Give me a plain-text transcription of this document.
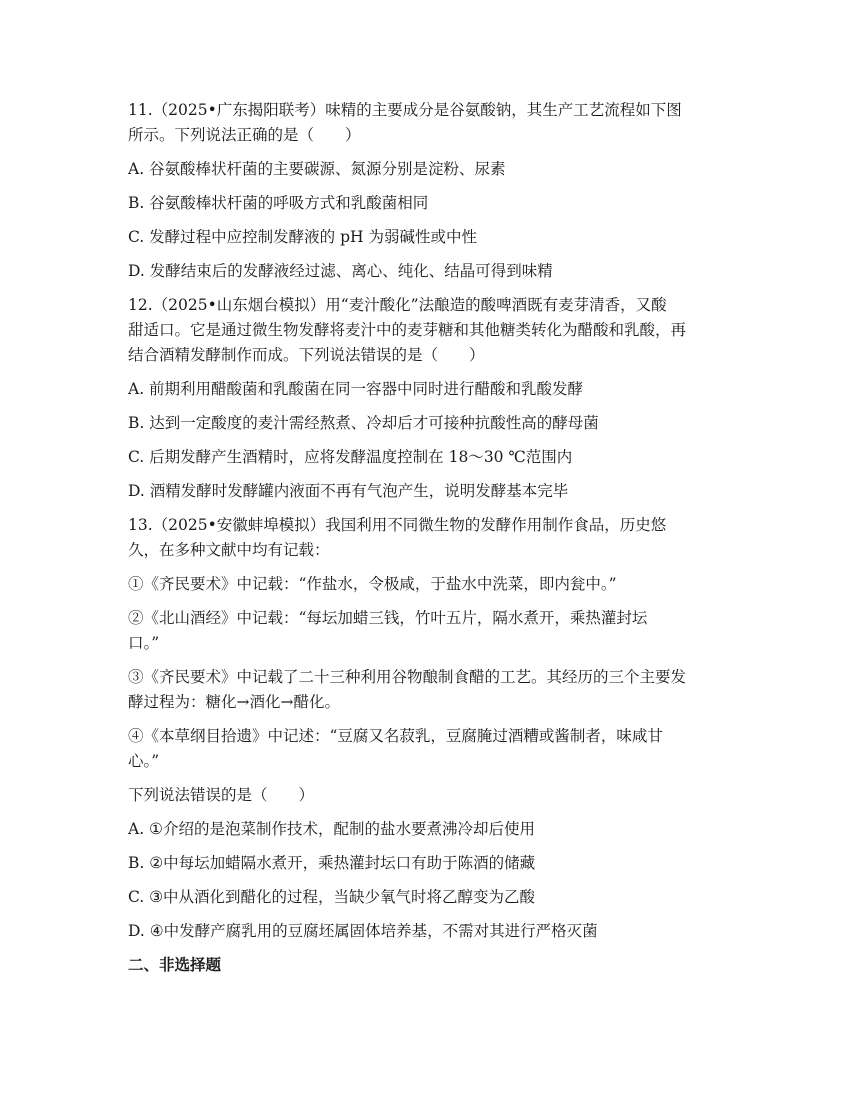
11.（2025•广东揭阳联考）味精的主要成分是谷氨酸钠，其生产工艺流程如下图

所示。下列说法正确的是（　　）

A. 谷氨酸棒状杆菌的主要碳源、氮源分别是淀粉、尿素

B. 谷氨酸棒状杆菌的呼吸方式和乳酸菌相同

C. 发酵过程中应控制发酵液的 pH 为弱碱性或中性

D. 发酵结束后的发酵液经过滤、离心、纯化、结晶可得到味精

12.（2025•山东烟台模拟）用“麦汁酸化”法酿造的酸啤酒既有麦芽清香，又酸

甜适口。它是通过微生物发酵将麦汁中的麦芽糖和其他糖类转化为醋酸和乳酸，再

结合酒精发酵制作而成。下列说法错误的是（　　）

A. 前期利用醋酸菌和乳酸菌在同一容器中同时进行醋酸和乳酸发酵

B. 达到一定酸度的麦汁需经熬煮、冷却后才可接种抗酸性高的酵母菌

C. 后期发酵产生酒精时，应将发酵温度控制在 18～30 ℃范围内

D. 酒精发酵时发酵罐内液面不再有气泡产生，说明发酵基本完毕

13.（2025•安徽蚌埠模拟）我国利用不同微生物的发酵作用制作食品，历史悠

久，在多种文献中均有记载：

①《齐民要术》中记载：“作盐水，令极咸，于盐水中洗菜，即内瓮中。”

②《北山酒经》中记载：“每坛加蜡三钱，竹叶五片，隔水煮开，乘热灌封坛

口。”

③《齐民要术》中记载了二十三种利用谷物酿制食醋的工艺。其经历的三个主要发

酵过程为：糖化→酒化→醋化。

④《本草纲目拾遗》中记述：“豆腐又名菽乳，豆腐腌过酒糟或酱制者，味咸甘

心。”

下列说法错误的是（　　）

A. ①介绍的是泡菜制作技术，配制的盐水要煮沸冷却后使用

B. ②中每坛加蜡隔水煮开，乘热灌封坛口有助于陈酒的储藏

C. ③中从酒化到醋化的过程，当缺少氧气时将乙醇变为乙酸

D. ④中发酵产腐乳用的豆腐坯属固体培养基，不需对其进行严格灭菌

二、非选择题
